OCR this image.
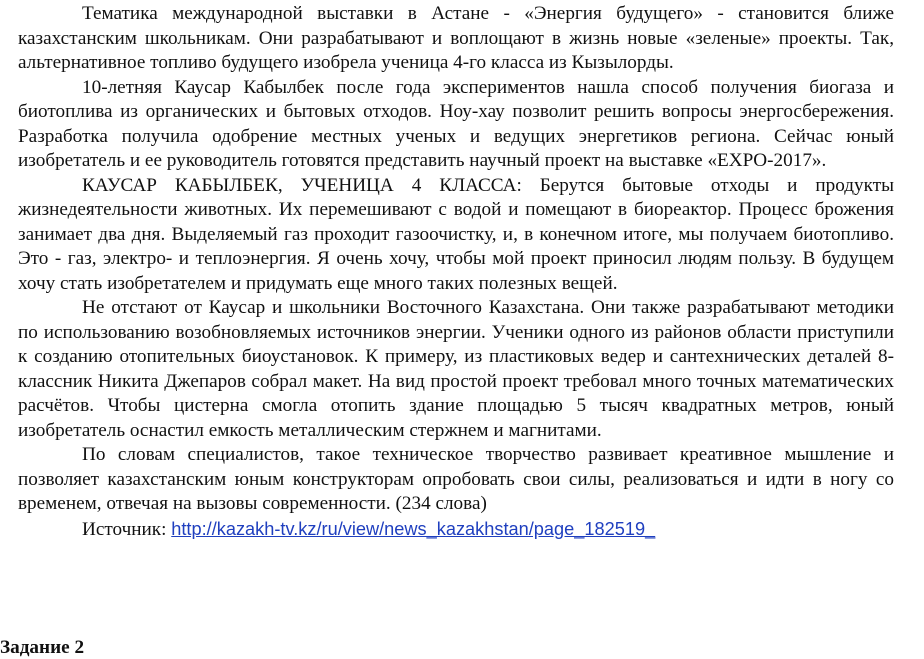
Тематика международной выставки в Астане - «Энергия будущего» - становится ближе казахстанским школьникам. Они разрабатывают и воплощают в жизнь новые «зеленые» проекты. Так, альтернативное топливо будущего изобрела ученица 4-го класса из Кызылорды.

10-летняя Каусар Кабылбек после года экспериментов нашла способ получения биогаза и биотоплива из органических и бытовых отходов. Ноу-хау позволит решить вопросы энергосбережения. Разработка получила одобрение местных ученых и ведущих энергетиков региона. Сейчас юный изобретатель и ее руководитель готовятся представить научный проект на выставке «EXPO-2017».

КАУСАР КАБЫЛБЕК, УЧЕНИЦА 4 КЛАССА: Берутся бытовые отходы и продукты жизнедеятельности животных. Их перемешивают с водой и помещают в биореактор. Процесс брожения занимает два дня. Выделяемый газ проходит газоочистку, и, в конечном итоге, мы получаем биотопливо. Это - газ, электро- и теплоэнергия. Я очень хочу, чтобы мой проект приносил людям пользу. В будущем хочу стать изобретателем и придумать еще много таких полезных вещей.

Не отстают от Каусар и школьники Восточного Казахстана. Они также разрабатывают методики по использованию возобновляемых источников энергии. Ученики одного из районов области приступили к созданию отопительных биоустановок. К примеру, из пластиковых ведер и сантехнических деталей 8-классник Никита Джепаров собрал макет. На вид простой проект требовал много точных математических расчётов. Чтобы цистерна смогла отопить здание площадью 5 тысяч квадратных метров, юный изобретатель оснастил емкость металлическим стержнем и магнитами.

По словам специалистов, такое техническое творчество развивает креативное мышление и позволяет казахстанским юным конструкторам опробовать свои силы, реализоваться и идти в ногу со временем, отвечая на вызовы современности. (234 слова)

Источник: http://kazakh-tv.kz/ru/view/news_kazakhstan/page_182519_

Задание 2
